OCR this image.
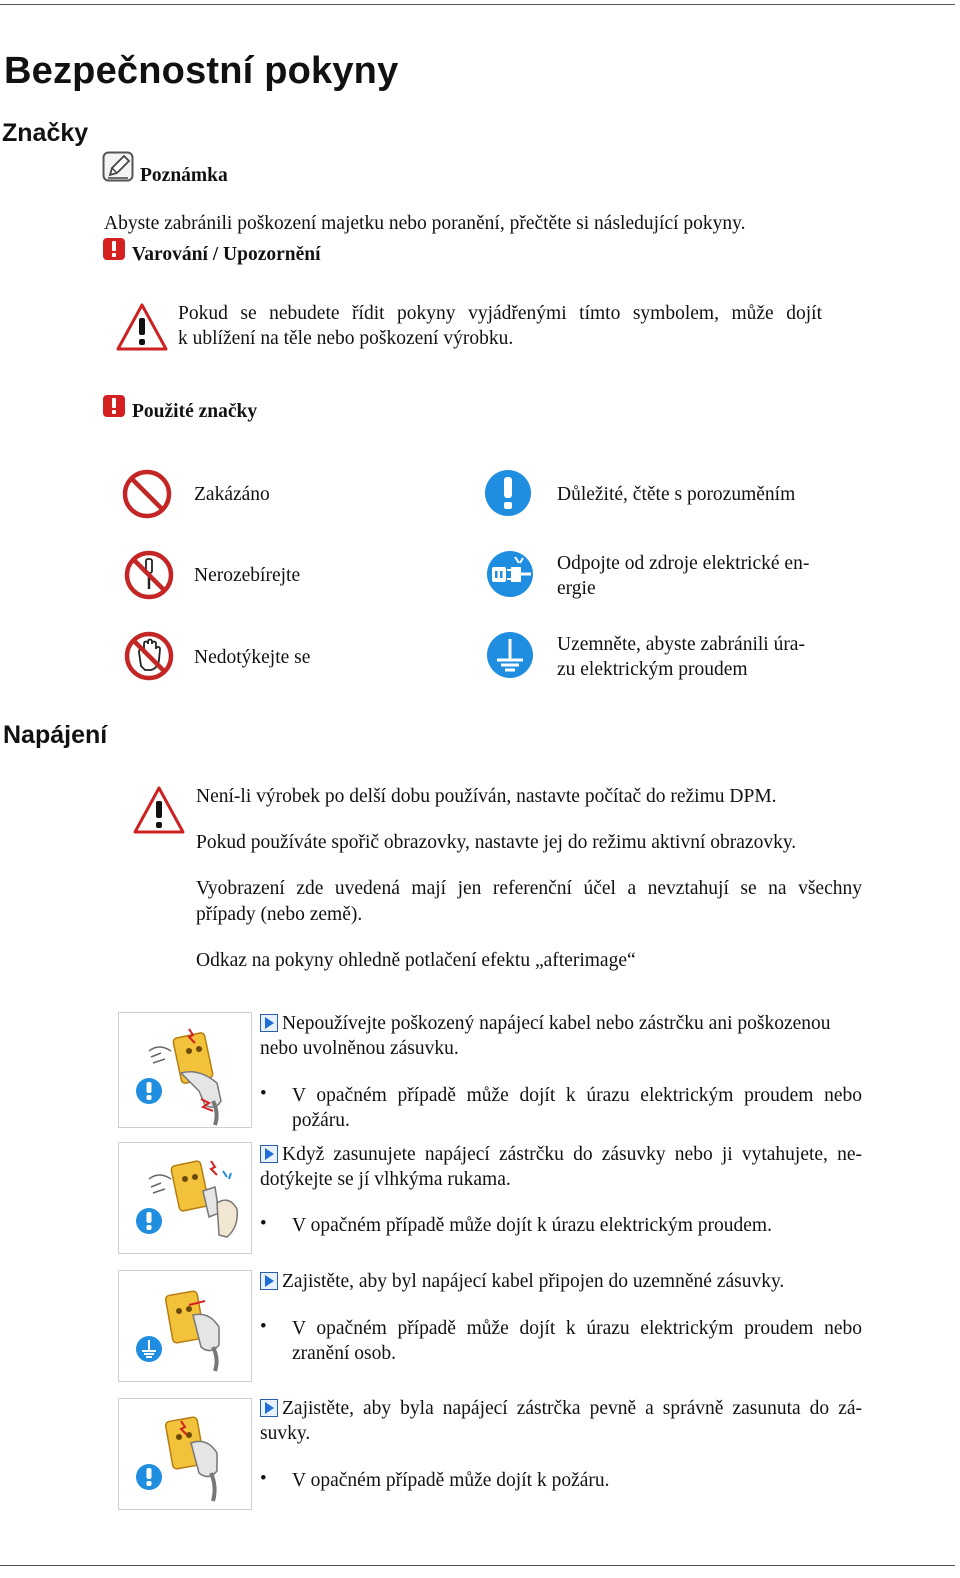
Bezpečnostní pokyny
Značky
Poznámka
Abyste zabránili poškození majetku nebo poranění, přečtěte si následující pokyny.
Varování / Upozornění
Pokud se nebudete řídit pokyny vyjádřenými tímto symbolem, může dojít
k ublížení na těle nebo poškození výrobku.
Použité značky
Zakázáno	Důležité, čtěte s porozuměním
Nerozebírejte
Odpojte od zdroje elektrické en-
ergie
Nedotýkejte se
Uzemněte, abyste zabránili úra-
zu elektrickým proudem
Napájení
Není-li výrobek po delší dobu používán, nastavte počítač do režimu DPM.
Pokud používáte spořič obrazovky, nastavte jej do režimu aktivní obrazovky.
Vyobrazení zde uvedená mají jen referenční účel a nevztahují se na všechny
případy (nebo země).
Odkaz na pokyny ohledně potlačení efektu „afterimage“
Nepoužívejte poškozený napájecí kabel nebo zástrčku ani poškozenou
nebo uvolněnou zásuvku.
• V opačném případě může dojít k úrazu elektrickým proudem nebo
požáru.
Když zasunujete napájecí zástrčku do zásuvky nebo ji vytahujete, ne-
dotýkejte se jí vlhkýma rukama.
• V opačném případě může dojít k úrazu elektrickým proudem.
Zajistěte, aby byl napájecí kabel připojen do uzemněné zásuvky.
• V opačném případě může dojít k úrazu elektrickým proudem nebo
zranění osob.
Zajistěte, aby byla napájecí zástrčka pevně a správně zasunuta do zá-
suvky.
• V opačném případě může dojít k požáru.
